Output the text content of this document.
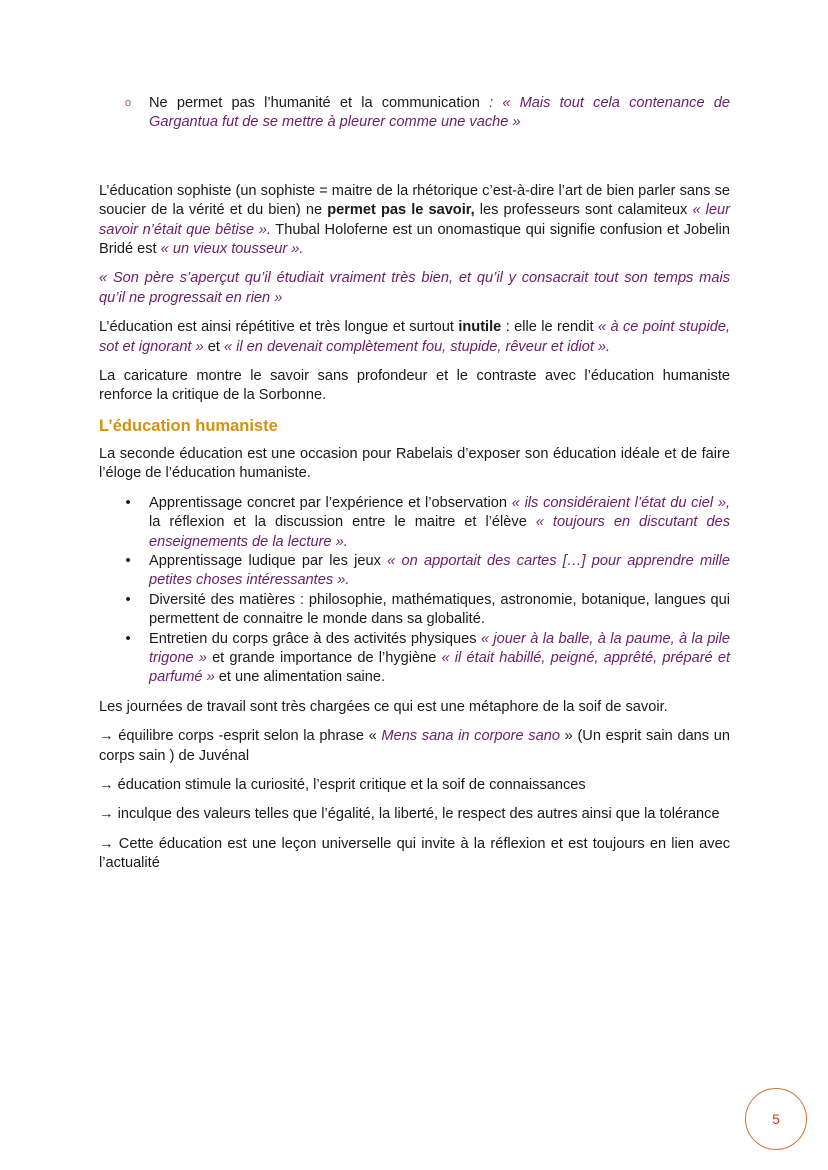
o Ne permet pas l’humanité et la communication : « Mais tout cela contenance de Gargantua fut de se mettre à pleurer comme une vache »

L’éducation sophiste (un sophiste = maitre de la rhétorique c’est-à-dire l’art de bien parler sans se soucier de la vérité et du bien) ne permet pas le savoir, les professeurs sont calamiteux « leur savoir n’était que bêtise ». Thubal Holoferne est un onomastique qui signifie confusion et Jobelin Bridé est « un vieux tousseur ».

« Son père s’aperçut qu’il étudiait vraiment très bien, et qu’il y consacrait tout son temps mais qu’il ne progressait en rien »

L’éducation est ainsi répétitive et très longue et surtout inutile : elle le rendit « à ce point stupide, sot et ignorant » et « il en devenait complètement fou, stupide, rêveur et idiot ».

La caricature montre le savoir sans profondeur et le contraste avec l’éducation humaniste renforce la critique de la Sorbonne.

L’éducation humaniste

La seconde éducation est une occasion pour Rabelais d’exposer son éducation idéale et de faire l’éloge de l’éducation humaniste.

•	Apprentissage concret par l’expérience et l’observation « ils considéraient l’état du ciel », la réflexion et la discussion entre le maitre et l’élève « toujours en discutant des enseignements de la lecture ».
•	Apprentissage ludique par les jeux « on apportait des cartes […] pour apprendre mille petites choses intéressantes ».
•	Diversité des matières : philosophie, mathématiques, astronomie, botanique, langues qui permettent de connaitre le monde dans sa globalité.
•	Entretien du corps grâce à des activités physiques « jouer à la balle, à la paume, à la pile trigone » et grande importance de l’hygiène « il était habillé, peigné, apprêté, préparé et parfumé » et une alimentation saine.

Les journées de travail sont très chargées ce qui est une métaphore de la soif de savoir.

→ équilibre corps -esprit selon la phrase « Mens sana in corpore sano » (Un esprit sain dans un corps sain ) de Juvénal

→ éducation stimule la curiosité, l’esprit critique et la soif de connaissances

→ inculque des valeurs telles que l’égalité, la liberté, le respect des autres ainsi que la tolérance

→ Cette éducation est une leçon universelle qui invite à la réflexion et est toujours en lien avec l’actualité

5
